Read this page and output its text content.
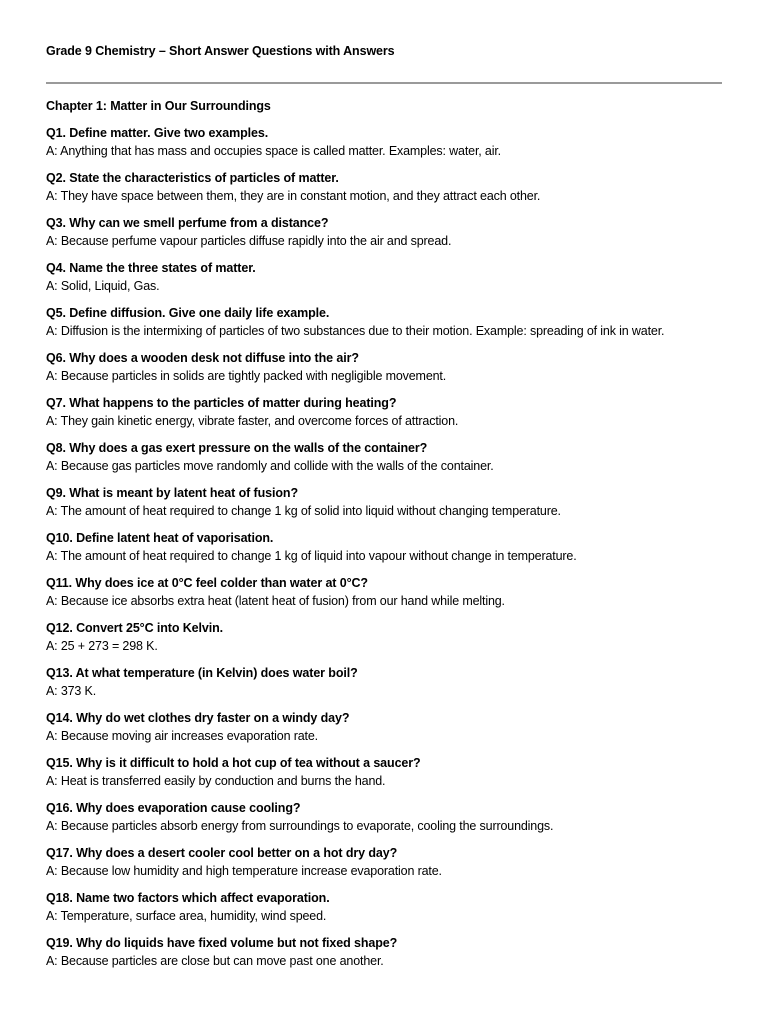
Grade 9 Chemistry – Short Answer Questions with Answers
Chapter 1: Matter in Our Surroundings
Q1. Define matter. Give two examples.
A: Anything that has mass and occupies space is called matter. Examples: water, air.
Q2. State the characteristics of particles of matter.
A: They have space between them, they are in constant motion, and they attract each other.
Q3. Why can we smell perfume from a distance?
A: Because perfume vapour particles diffuse rapidly into the air and spread.
Q4. Name the three states of matter.
A: Solid, Liquid, Gas.
Q5. Define diffusion. Give one daily life example.
A: Diffusion is the intermixing of particles of two substances due to their motion. Example: spreading of ink in water.
Q6. Why does a wooden desk not diffuse into the air?
A: Because particles in solids are tightly packed with negligible movement.
Q7. What happens to the particles of matter during heating?
A: They gain kinetic energy, vibrate faster, and overcome forces of attraction.
Q8. Why does a gas exert pressure on the walls of the container?
A: Because gas particles move randomly and collide with the walls of the container.
Q9. What is meant by latent heat of fusion?
A: The amount of heat required to change 1 kg of solid into liquid without changing temperature.
Q10. Define latent heat of vaporisation.
A: The amount of heat required to change 1 kg of liquid into vapour without change in temperature.
Q11. Why does ice at 0°C feel colder than water at 0°C?
A: Because ice absorbs extra heat (latent heat of fusion) from our hand while melting.
Q12. Convert 25°C into Kelvin.
A: 25 + 273 = 298 K.
Q13. At what temperature (in Kelvin) does water boil?
A: 373 K.
Q14. Why do wet clothes dry faster on a windy day?
A: Because moving air increases evaporation rate.
Q15. Why is it difficult to hold a hot cup of tea without a saucer?
A: Heat is transferred easily by conduction and burns the hand.
Q16. Why does evaporation cause cooling?
A: Because particles absorb energy from surroundings to evaporate, cooling the surroundings.
Q17. Why does a desert cooler cool better on a hot dry day?
A: Because low humidity and high temperature increase evaporation rate.
Q18. Name two factors which affect evaporation.
A: Temperature, surface area, humidity, wind speed.
Q19. Why do liquids have fixed volume but not fixed shape?
A: Because particles are close but can move past one another.
